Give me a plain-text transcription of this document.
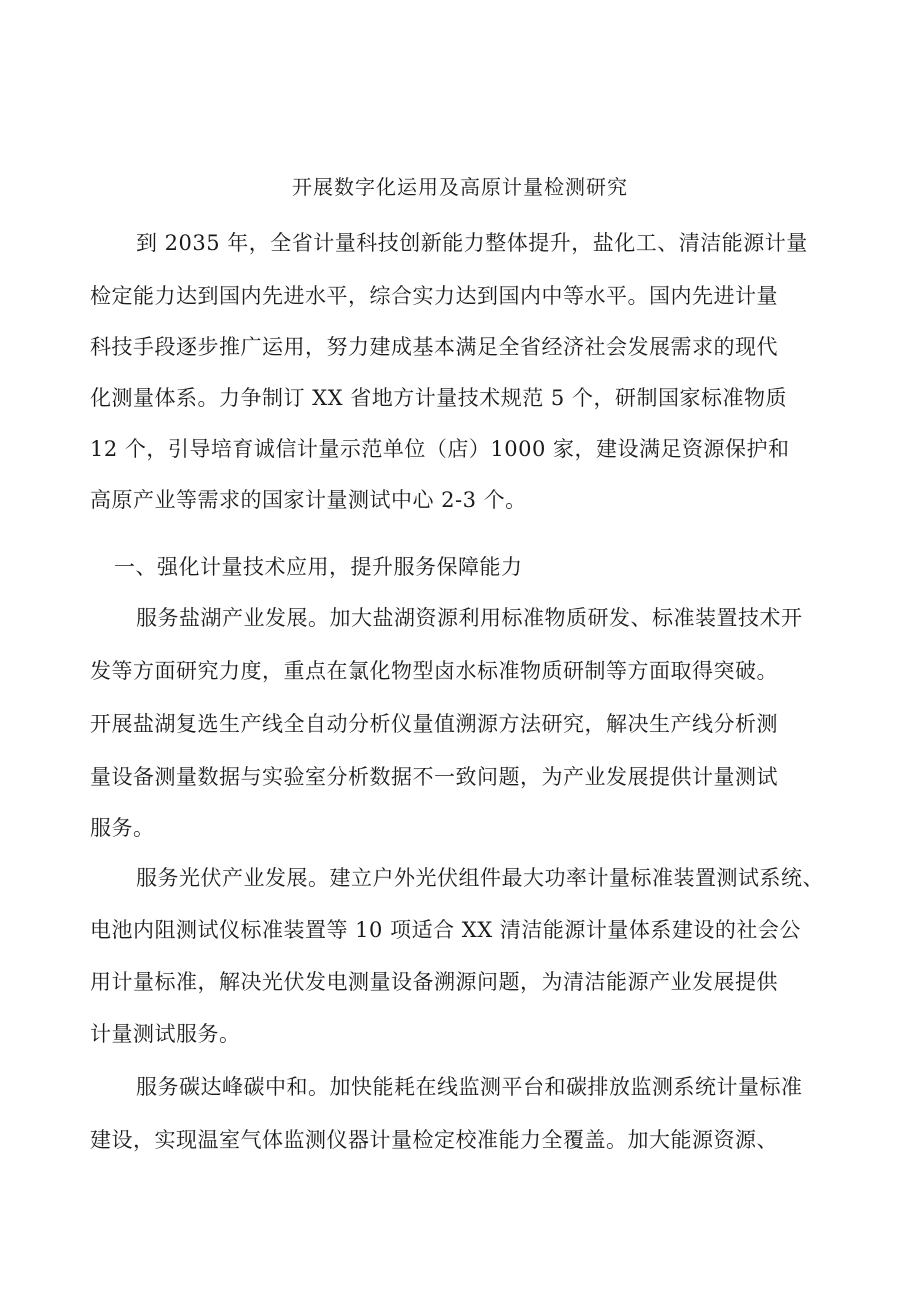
开展数字化运用及高原计量检测研究
到 2035 年，全省计量科技创新能力整体提升，盐化工、清洁能源计量
检定能力达到国内先进水平，综合实力达到国内中等水平。国内先进计量
科技手段逐步推广运用，努力建成基本满足全省经济社会发展需求的现代
化测量体系。力争制订 XX 省地方计量技术规范 5 个，研制国家标准物质
12 个，引导培育诚信计量示范单位（店）1000 家，建设满足资源保护和
高原产业等需求的国家计量测试中心 2-3 个。
一、强化计量技术应用，提升服务保障能力
服务盐湖产业发展。加大盐湖资源利用标准物质研发、标准装置技术开
发等方面研究力度，重点在氯化物型卤水标准物质研制等方面取得突破。
开展盐湖复选生产线全自动分析仪量值溯源方法研究，解决生产线分析测
量设备测量数据与实验室分析数据不一致问题，为产业发展提供计量测试
服务。
服务光伏产业发展。建立户外光伏组件最大功率计量标准装置测试系统、
电池内阻测试仪标准装置等 10 项适合 XX 清洁能源计量体系建设的社会公
用计量标准，解决光伏发电测量设备溯源问题，为清洁能源产业发展提供
计量测试服务。
服务碳达峰碳中和。加快能耗在线监测平台和碳排放监测系统计量标准
建设，实现温室气体监测仪器计量检定校准能力全覆盖。加大能源资源、
